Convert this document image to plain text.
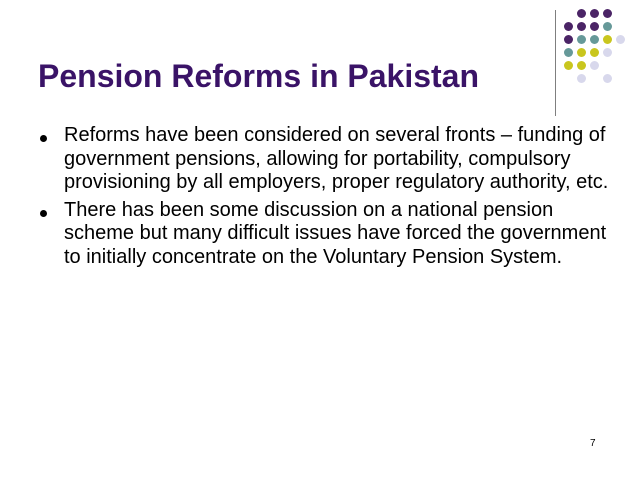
Pension Reforms in Pakistan
Reforms have been considered on several fronts – funding of government pensions, allowing for portability, compulsory provisioning by all employers, proper regulatory authority, etc.
There has been some discussion on a national pension scheme but many difficult issues have forced the government to initially concentrate on the Voluntary Pension System.
7
